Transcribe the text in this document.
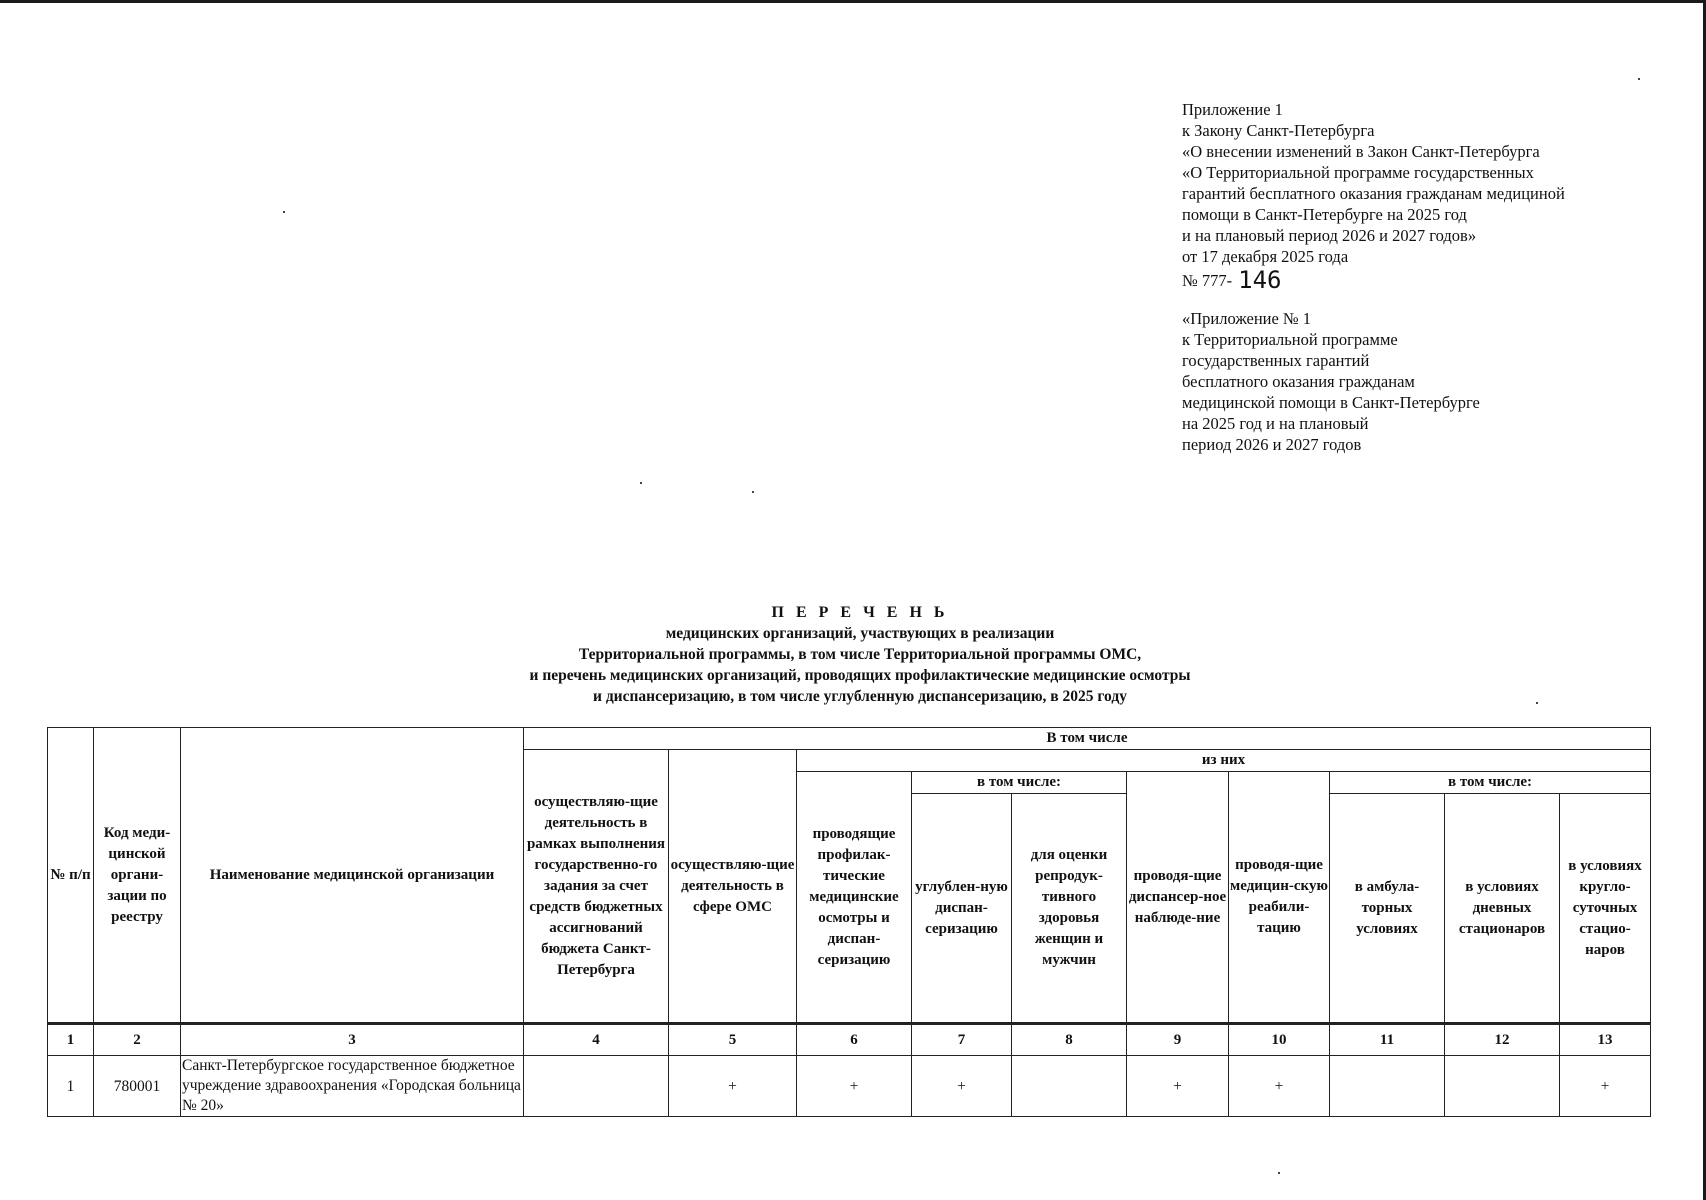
Приложение 1
к Закону Санкт-Петербурга
«О внесении изменений в Закон Санкт-Петербурга
«О Территориальной программе государственных
гарантий бесплатного оказания гражданам медициной
помощи в Санкт-Петербурге на 2025 год
и на плановый период 2026 и 2027 годов»
от 17 декабря 2025 года
№ 777- 146
«Приложение № 1
к Территориальной программе
государственных гарантий
бесплатного оказания гражданам
медицинской помощи в Санкт-Петербурге
на 2025 год и на плановый
период 2026 и 2027 годов
П Е Р Е Ч Е Н Ь
медицинских организаций, участвующих в реализации
Территориальной программы, в том числе Территориальной программы ОМС,
и перечень медицинских организаций, проводящих профилактические медицинские осмотры
и диспансеризацию, в том числе углубленную диспансеризацию, в 2025 году
№ п/п	Код меди-цинской органи-зации по реестру	Наименование медицинской организации	В том числе									
			осуществляю-щие деятельность в рамках выполнения государственно-го задания за счет средств бюджетных ассигнований бюджета Санкт-Петербурга	осуществляю-щие деятельность в сфере ОМС	из них							
					проводящие профилак-тические медицинские осмотры и диспан-серизацию	в том числе:		проводя-щие диспансер-ное наблюде-ние	проводя-щие медицин-скую реабили-тацию	в том числе:		
						углублен-ную диспан-серизацию	для оценки репродук-тивного здоровья женщин и мужчин			в амбула-торных условиях	в условиях дневных стационаров	в условиях кругло-суточных стацио-наров
1	2	3	4	5	6	7	8	9	10	11	12	13
1	780001	Санкт-Петербургское государственное бюджетное учреждение здравоохранения «Городская больница № 20»		+	+	+		+	+			+
